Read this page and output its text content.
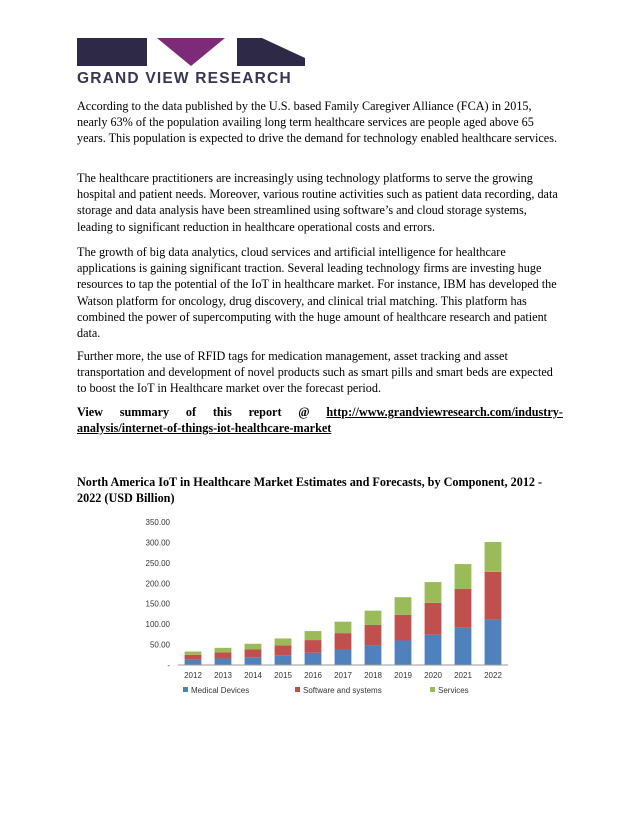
GRAND VIEW RESEARCH

According to the data published by the U.S. based Family Caregiver Alliance (FCA) in 2015, nearly 63% of the population availing long term healthcare services are people aged above 65 years. This population is expected to drive the demand for technology enabled healthcare services.

The healthcare practitioners are increasingly using technology platforms to serve the growing hospital and patient needs. Moreover, various routine activities such as patient data recording, data storage and data analysis have been streamlined using software’s and cloud storage systems, leading to significant reduction in healthcare operational costs and errors.

The growth of big data analytics, cloud services and artificial intelligence for healthcare applications is gaining significant traction. Several leading technology firms are investing huge resources to tap the potential of the IoT in healthcare market. For instance, IBM has developed the Watson platform for oncology, drug discovery, and clinical trial matching. This platform has combined the power of supercomputing with the huge amount of healthcare research and patient data.

Further more, the use of RFID tags for medication management, asset tracking and asset transportation and development of novel products such as smart pills and smart beds are expected to boost the IoT in Healthcare market over the forecast period.

View summary of this report @ http://www.grandviewresearch.com/industry-
analysis/internet-of-things-iot-healthcare-market
North America IoT in Healthcare Market Estimates and Forecasts, by Component, 2012 - 2022 (USD Billion)
-
50.00
100.00
150.00
200.00
250.00
300.00
350.00
2012 2013 2014 2015 2016 2017 2018 2019 2020 2021 2022
Medical Devices	Software and systems	Services
